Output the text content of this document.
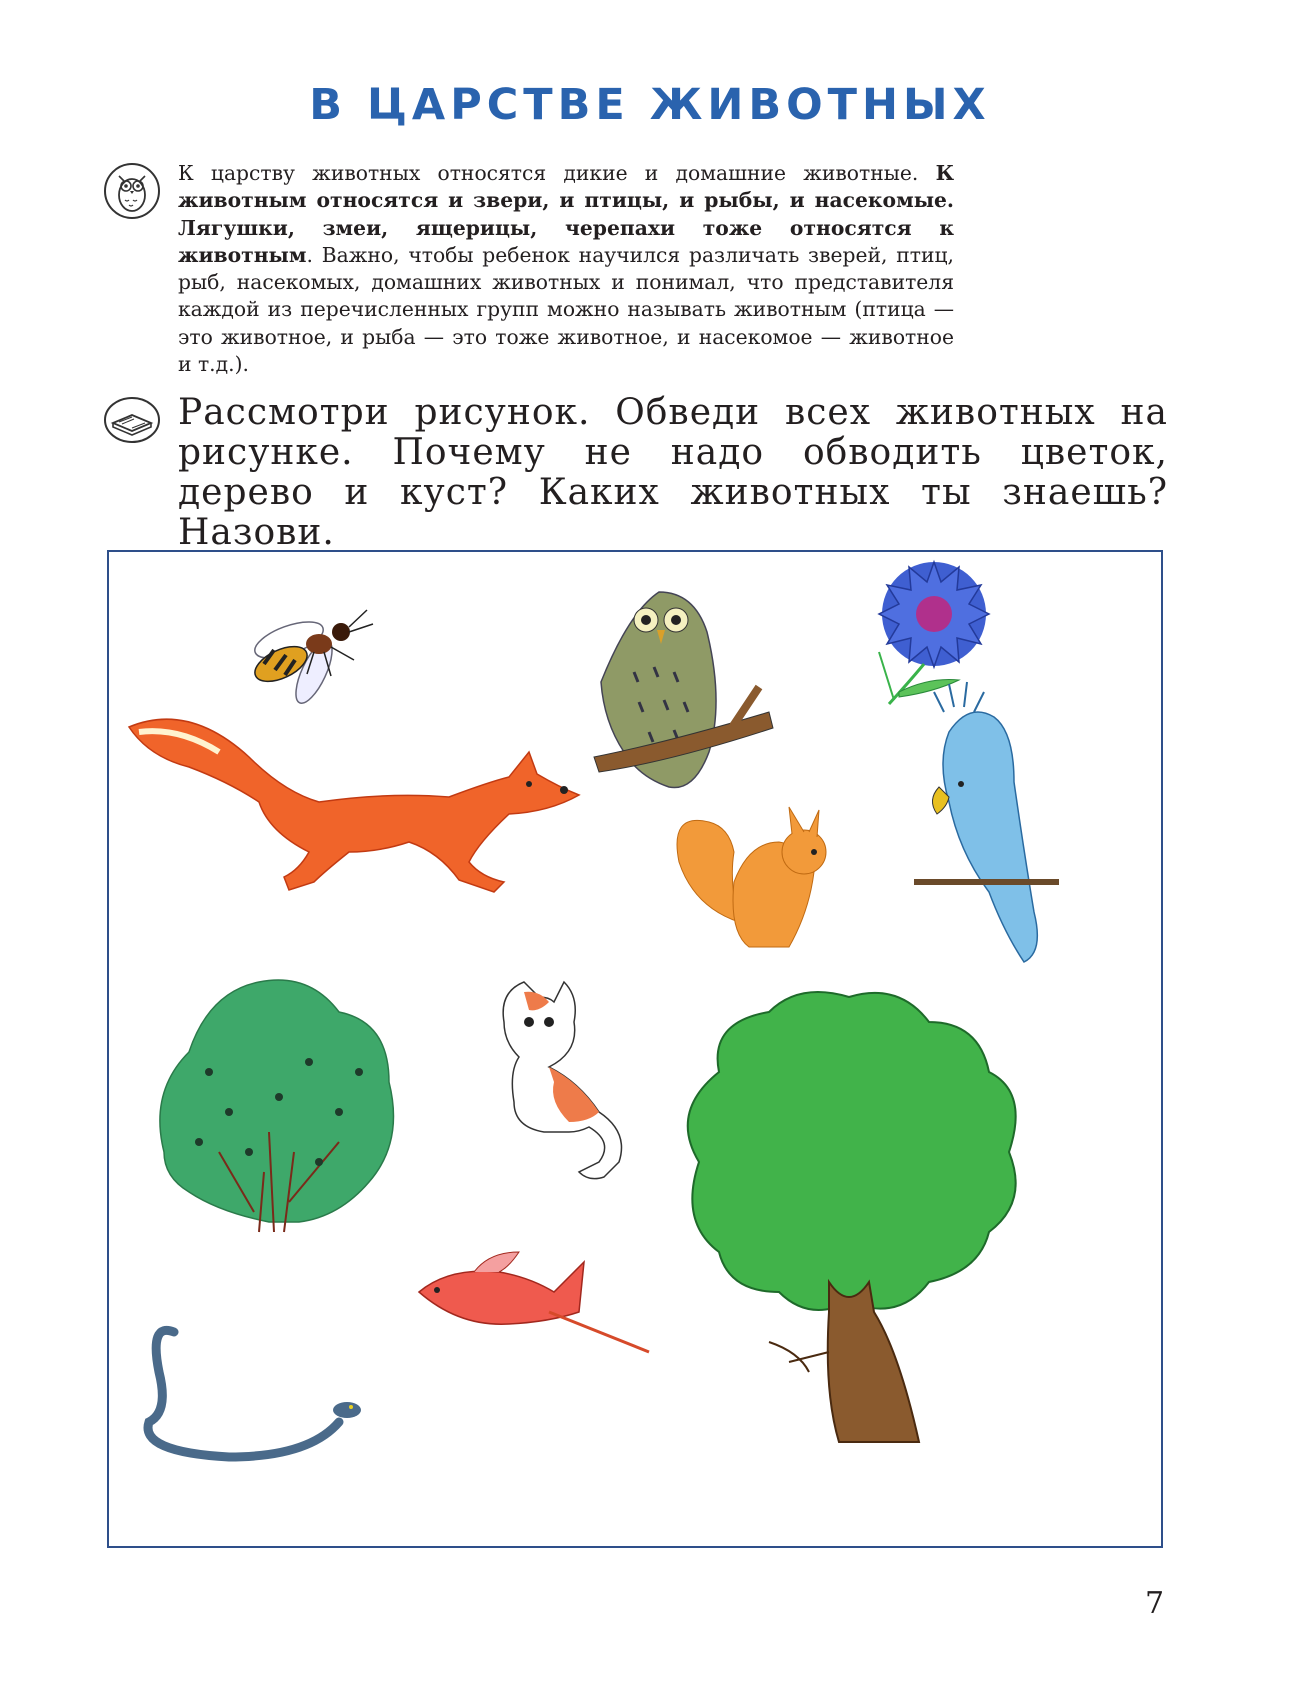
В ЦАРСТВЕ ЖИВОТНЫХ
К царству животных относятся дикие и домашние животные. К животным относятся и звери, и птицы, и рыбы, и насекомые. Лягушки, змеи, ящерицы, черепахи тоже относятся к животным. Важно, чтобы ребенок научился различать зверей, птиц, рыб, насекомых, домашних животных и понимал, что представителя каждой из перечисленных групп можно называть животным (птица — это животное, и рыба — это тоже животное, и насекомое — животное и т.д.).
Рассмотри рисунок. Обведи всех животных на рисунке. Почему не надо обводить цветок, дерево и куст? Каких животных ты знаешь? Назови.
7
